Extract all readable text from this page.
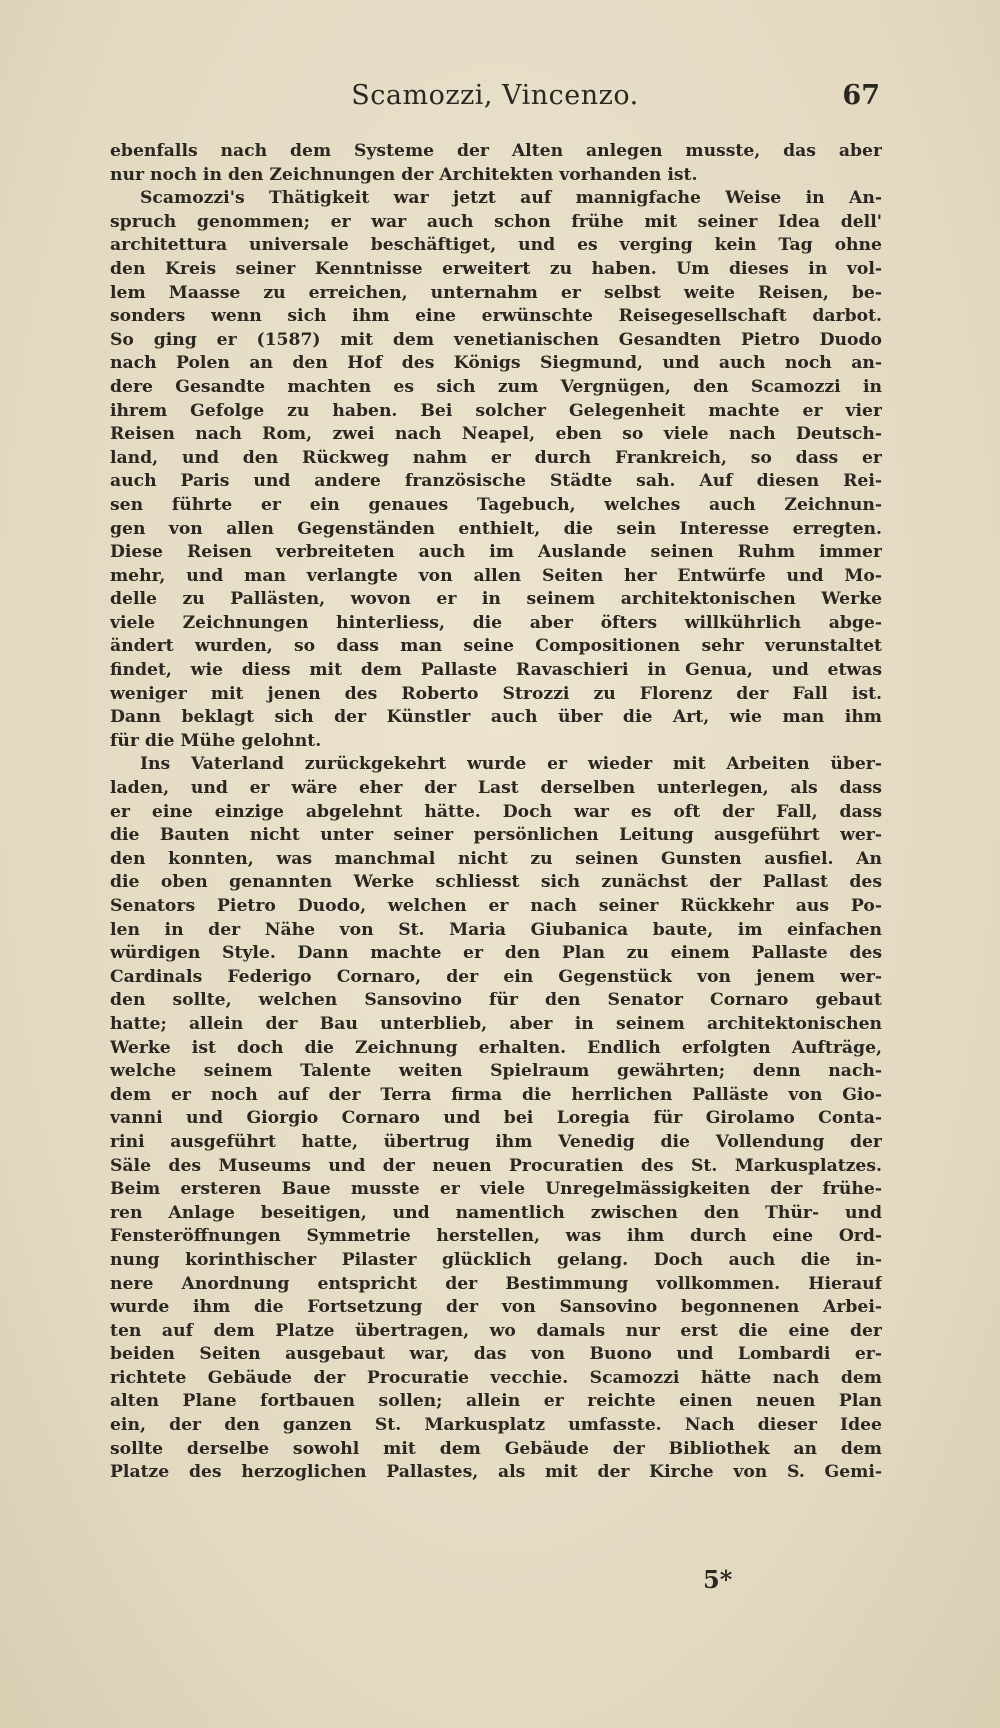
Scamozzi, Vincenzo.	67
ebenfalls nach dem Systeme der Alten anlegen musste, das aber
nur noch in den Zeichnungen der Architekten vorhanden ist.
Scamozzi's Thätigkeit war jetzt auf mannigfache Weise in An-
spruch genommen; er war auch schon frühe mit seiner Idea dell'
architettura universale beschäftiget, und es verging kein Tag ohne
den Kreis seiner Kenntnisse erweitert zu haben. Um dieses in vol-
lem Maasse zu erreichen, unternahm er selbst weite Reisen, be-
sonders wenn sich ihm eine erwünschte Reisegesellschaft darbot.
So ging er (1587) mit dem venetianischen Gesandten Pietro Duodo
nach Polen an den Hof des Königs Siegmund, und auch noch an-
dere Gesandte machten es sich zum Vergnügen, den Scamozzi in
ihrem Gefolge zu haben. Bei solcher Gelegenheit machte er vier
Reisen nach Rom, zwei nach Neapel, eben so viele nach Deutsch-
land, und den Rückweg nahm er durch Frankreich, so dass er
auch Paris und andere französische Städte sah. Auf diesen Rei-
sen führte er ein genaues Tagebuch, welches auch Zeichnun-
gen von allen Gegenständen enthielt, die sein Interesse erregten.
Diese Reisen verbreiteten auch im Auslande seinen Ruhm immer
mehr, und man verlangte von allen Seiten her Entwürfe und Mo-
delle zu Pallästen, wovon er in seinem architektonischen Werke
viele Zeichnungen hinterliess, die aber öfters willkührlich abge-
ändert wurden, so dass man seine Compositionen sehr verunstaltet
findet, wie diess mit dem Pallaste Ravaschieri in Genua, und etwas
weniger mit jenen des Roberto Strozzi zu Florenz der Fall ist.
Dann beklagt sich der Künstler auch über die Art, wie man ihm
für die Mühe gelohnt.
Ins Vaterland zurückgekehrt wurde er wieder mit Arbeiten über-
laden, und er wäre eher der Last derselben unterlegen, als dass
er eine einzige abgelehnt hätte. Doch war es oft der Fall, dass
die Bauten nicht unter seiner persönlichen Leitung ausgeführt wer-
den konnten, was manchmal nicht zu seinen Gunsten ausfiel. An
die oben genannten Werke schliesst sich zunächst der Pallast des
Senators Pietro Duodo, welchen er nach seiner Rückkehr aus Po-
len in der Nähe von St. Maria Giubanica baute, im einfachen
würdigen Style. Dann machte er den Plan zu einem Pallaste des
Cardinals Federigo Cornaro, der ein Gegenstück von jenem wer-
den sollte, welchen Sansovino für den Senator Cornaro gebaut
hatte; allein der Bau unterblieb, aber in seinem architektonischen
Werke ist doch die Zeichnung erhalten. Endlich erfolgten Aufträge,
welche seinem Talente weiten Spielraum gewährten; denn nach-
dem er noch auf der Terra firma die herrlichen Palläste von Gio-
vanni und Giorgio Cornaro und bei Loregia für Girolamo Conta-
rini ausgeführt hatte, übertrug ihm Venedig die Vollendung der
Säle des Museums und der neuen Procuratien des St. Markusplatzes.
Beim ersteren Baue musste er viele Unregelmässigkeiten der frühe-
ren Anlage beseitigen, und namentlich zwischen den Thür- und
Fensteröffnungen Symmetrie herstellen, was ihm durch eine Ord-
nung korinthischer Pilaster glücklich gelang. Doch auch die in-
nere Anordnung entspricht der Bestimmung vollkommen. Hierauf
wurde ihm die Fortsetzung der von Sansovino begonnenen Arbei-
ten auf dem Platze übertragen, wo damals nur erst die eine der
beiden Seiten ausgebaut war, das von Buono und Lombardi er-
richtete Gebäude der Procuratie vecchie. Scamozzi hätte nach dem
alten Plane fortbauen sollen; allein er reichte einen neuen Plan
ein, der den ganzen St. Markusplatz umfasste. Nach dieser Idee
sollte derselbe sowohl mit dem Gebäude der Bibliothek an dem
Platze des herzoglichen Pallastes, als mit der Kirche von S. Gemi-
5*
